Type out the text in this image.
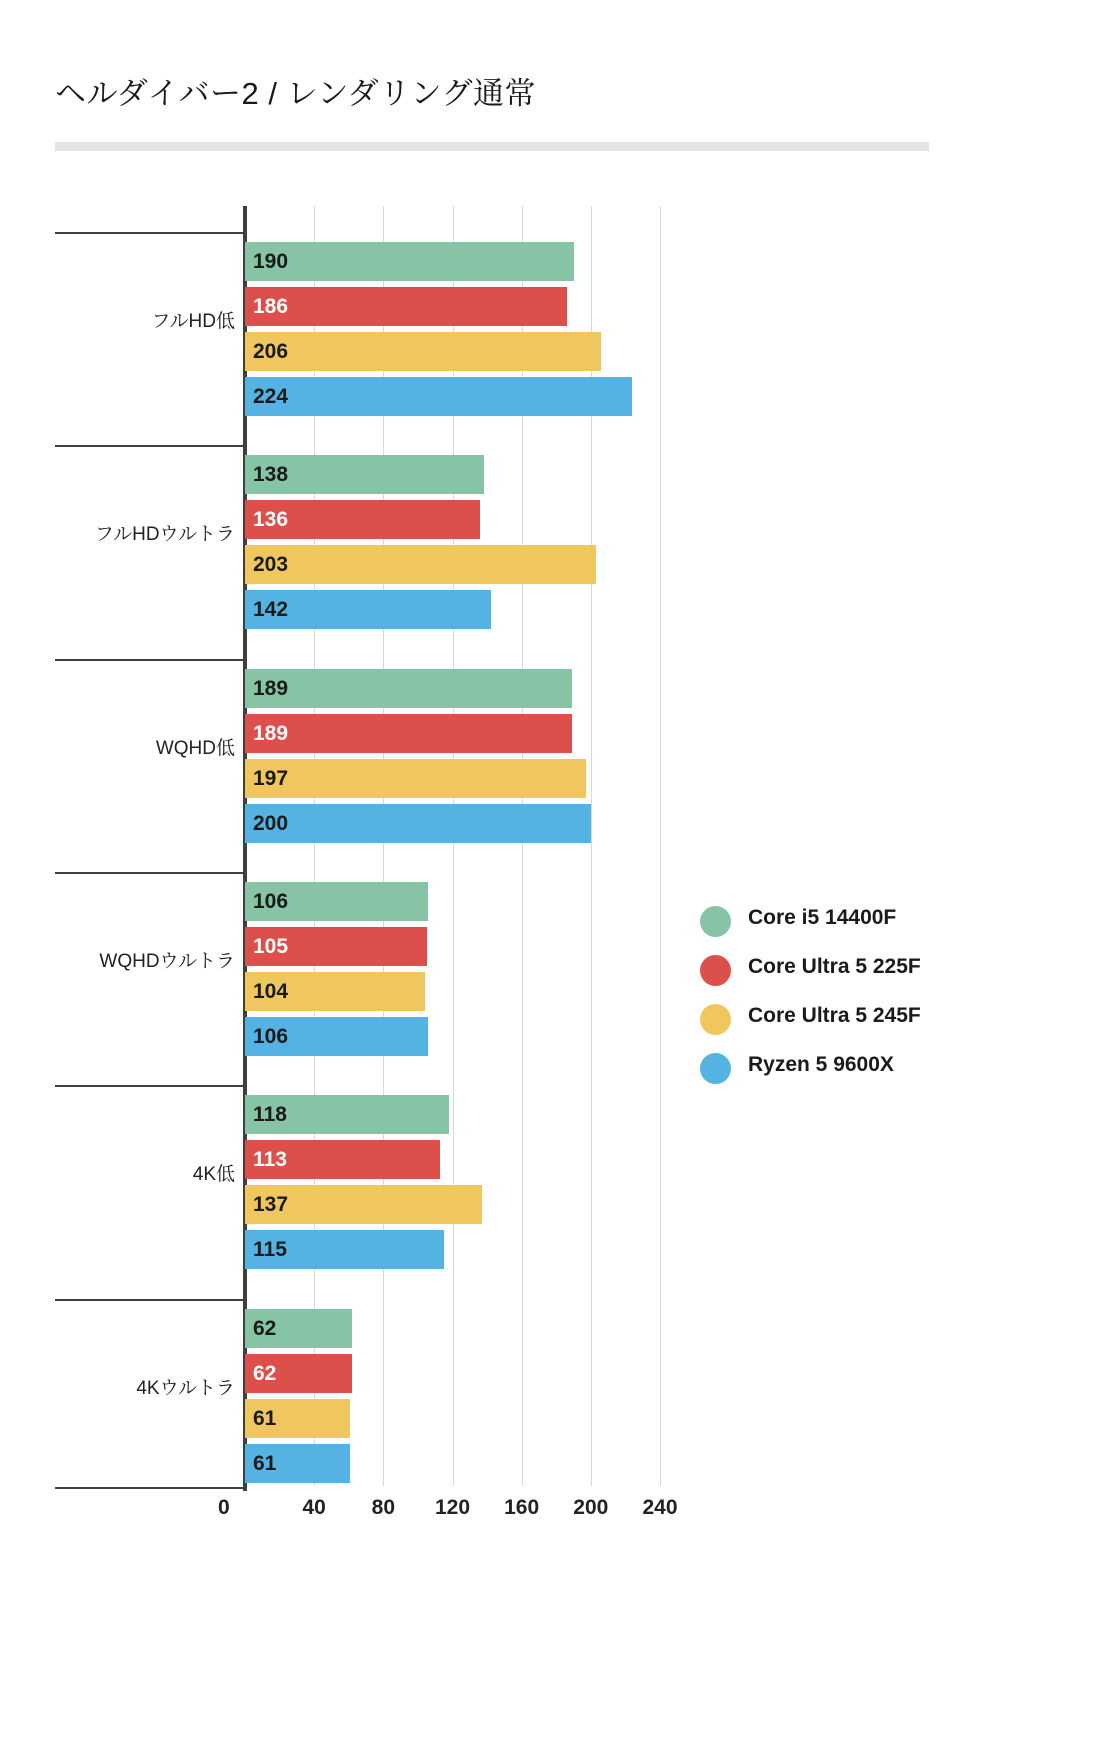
ヘルダイバー2 / レンダリング通常
フルHD低
フルHDウルトラ
WQHD低
WQHDウルトラ
4K低
4Kウルトラ
190
186
206
224
138
136
203
142
189
189
197
200
106
105
104
106
118
113
137
115
62
62
61
61
0	40 80 120 160 200 240
Core i5 14400F
Core Ultra 5 225F
Core Ultra 5 245F
Ryzen 5 9600X
